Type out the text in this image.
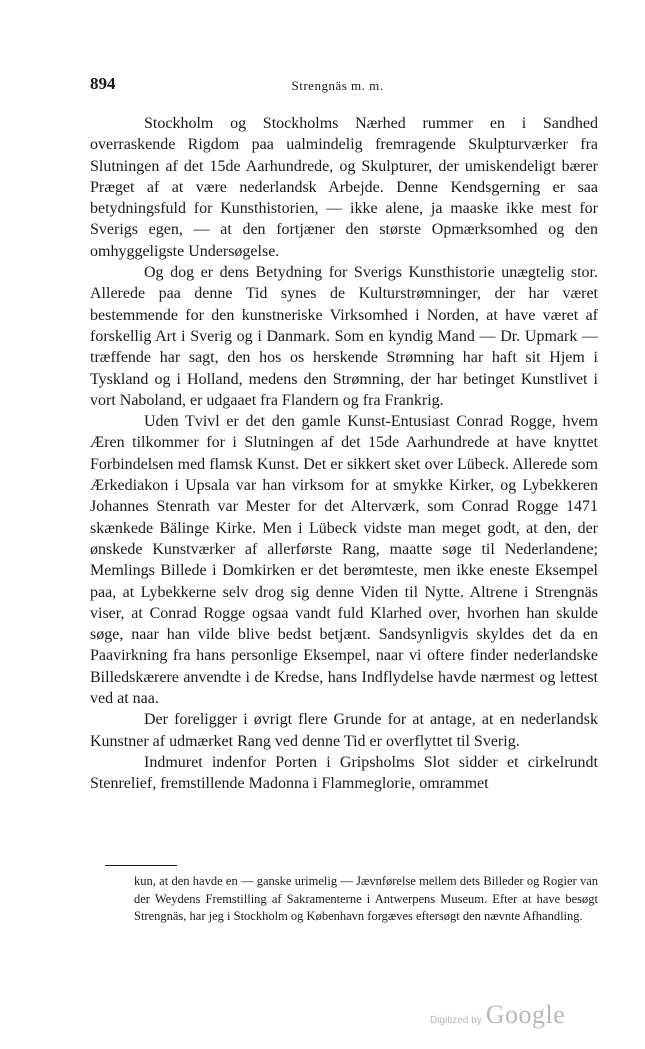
894	Strengnäs m. m.

Stockholm og Stockholms Nærhed rummer en i Sandhed overraskende Rigdom paa ualmindelig fremragende Skulpturværker fra Slutningen af det 15de Aarhundrede, og Skulpturer, der umiskendeligt bærer Præget af at være nederlandsk Arbejde. Denne Kendsgerning er saa betydningsfuld for Kunsthistorien, — ikke alene, ja maaske ikke mest for Sverigs egen, — at den fortjæner den største Opmærksomhed og den omhyggeligste Undersøgelse.

Og dog er dens Betydning for Sverigs Kunsthistorie unægtelig stor. Allerede paa denne Tid synes de Kulturstrømninger, der har været bestemmende for den kunstneriske Virksomhed i Norden, at have været af forskellig Art i Sverig og i Danmark. Som en kyndig Mand — Dr. Upmark — træffende har sagt, den hos os herskende Strømning har haft sit Hjem i Tyskland og i Holland, medens den Strømning, der har betinget Kunstlivet i vort Naboland, er udgaaet fra Flandern og fra Frankrig.

Uden Tvivl er det den gamle Kunst-Entusiast Conrad Rogge, hvem Æren tilkommer for i Slutningen af det 15de Aarhundrede at have knyttet Forbindelsen med flamsk Kunst. Det er sikkert sket over Lübeck. Allerede som Ærkediakon i Upsala var han virksom for at smykke Kirker, og Lybekkeren Johannes Stenrath var Mester for det Alterværk, som Conrad Rogge 1471 skænkede Bälinge Kirke. Men i Lübeck vidste man meget godt, at den, der ønskede Kunstværker af allerførste Rang, maatte søge til Nederlandene; Memlings Billede i Domkirken er det berømteste, men ikke eneste Eksempel paa, at Lybekkerne selv drog sig denne Viden til Nytte. Altrene i Strengnäs viser, at Conrad Rogge ogsaa vandt fuld Klarhed over, hvorhen han skulde søge, naar han vilde blive bedst betjænt. Sandsynligvis skyldes det da en Paavirkning fra hans personlige Eksempel, naar vi oftere finder nederlandske Billedskærere anvendte i de Kredse, hans Indflydelse havde nærmest og lettest ved at naa.

Der foreligger i øvrigt flere Grunde for at antage, at en nederlandsk Kunstner af udmærket Rang ved denne Tid er overflyttet til Sverig.

Indmuret indenfor Porten i Gripsholms Slot sidder et cirkelrundt Stenrelief, fremstillende Madonna i Flammeglorie, omrammet

kun, at den havde en — ganske urimelig — Jævnførelse mellem dets Billeder og Rogier van der Weydens Fremstilling af Sakramenterne i Antwerpens Museum. Efter at have besøgt Strengnäs, har jeg i Stockholm og København forgæves eftersøgt den nævnte Afhandling.

Digitized by Google
